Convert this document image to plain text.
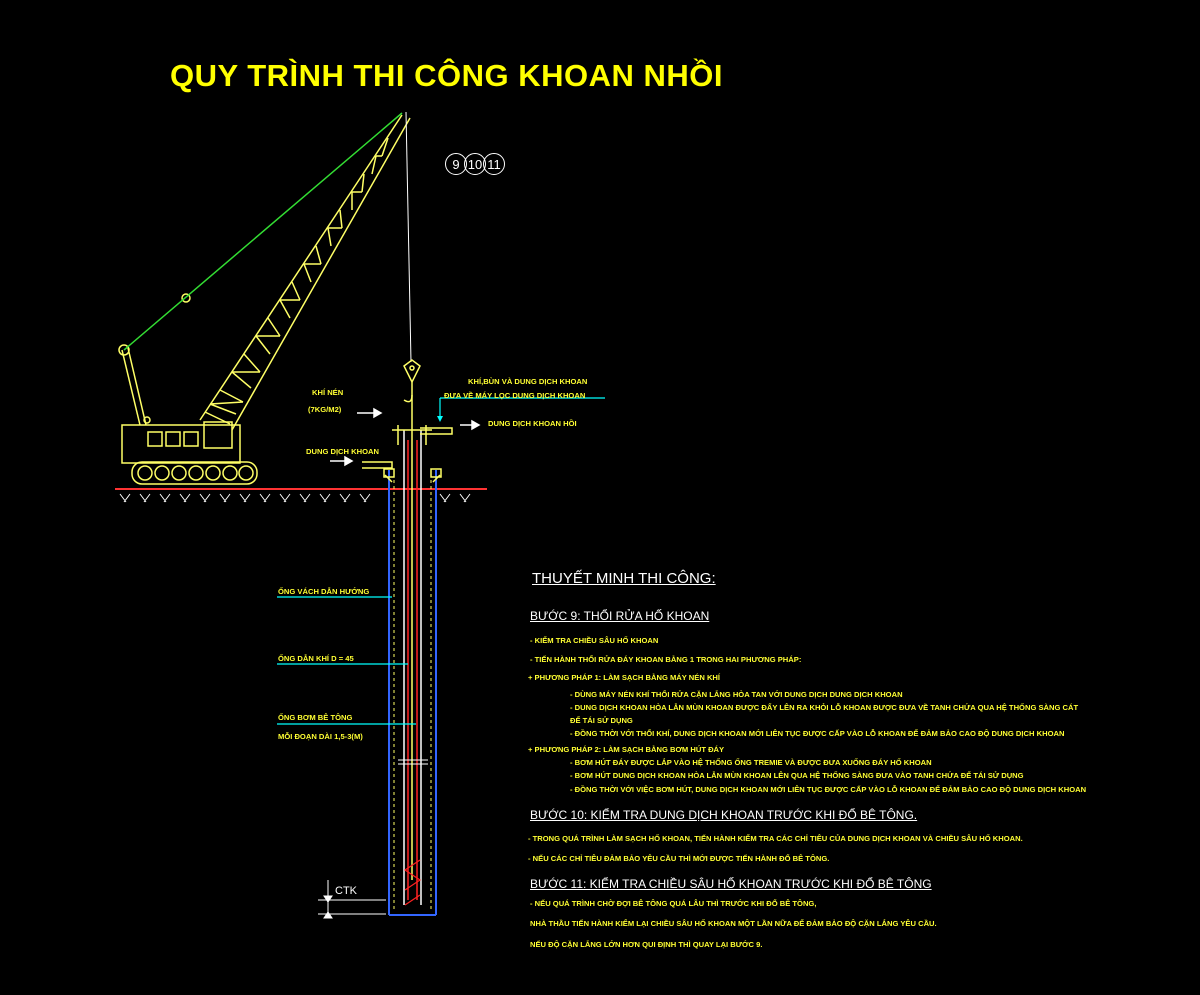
QUY TRÌNH THI CÔNG KHOAN NHỒI
9 10 11
KHÍ NÉN
(7KG/M2)
DUNG DỊCH KHOAN
KHÍ,BÙN VÀ DUNG DỊCH KHOAN
ĐƯA VỀ MÁY LỌC DUNG DỊCH KHOAN
DUNG DỊCH KHOAN HỒI
ỐNG VÁCH DẪN HƯỚNG
ỐNG DẪN KHÍ D = 45
ỐNG BƠM BÊ TÔNG
MỖI ĐOẠN DÀI 1,5-3(M)
CTK
THUYẾT MINH THI CÔNG:
BƯỚC 9: THỔI RỬA HỐ KHOAN
- KIỂM TRA CHIỀU SÂU HỐ KHOAN
- TIẾN HÀNH THỔI RỬA ĐÁY KHOAN BẰNG 1 TRONG HAI PHƯƠNG PHÁP:
+ PHƯƠNG PHÁP 1: LÀM SẠCH BẰNG MÁY NÉN KHÍ
- DÙNG MÁY NÉN KHÍ THỔI RỬA CẶN LẮNG HÒA TAN VỚI DUNG DỊCH DUNG DỊCH KHOAN
- DUNG DỊCH KHOAN HÒA LẪN MÙN KHOAN ĐƯỢC ĐẨY LÊN RA KHỎI LỖ KHOAN ĐƯỢC ĐƯA VỀ TANH CHỨA QUA HỆ THỐNG SÀNG CÁT
ĐỂ TÁI SỬ DỤNG
- ĐỒNG THỜI VỚI THỔI KHÍ, DUNG DỊCH KHOAN MỚI LIÊN TỤC ĐƯỢC CẤP VÀO LỖ KHOAN ĐỂ ĐẢM BẢO CAO ĐỘ DUNG DỊCH KHOAN
+ PHƯƠNG PHÁP 2: LÀM SẠCH BẰNG BƠM HÚT ĐÁY
- BƠM HÚT ĐÁY ĐƯỢC LẮP VÀO HỆ THỐNG ỐNG TREMIE VÀ ĐƯỢC ĐƯA XUỐNG ĐÁY HỐ KHOAN
- BƠM HÚT DUNG DỊCH KHOAN HÒA LẪN MÙN KHOAN LÊN QUA HỆ THỐNG SÀNG ĐƯA VÀO TANH CHỨA ĐỂ TÁI SỬ DỤNG
- ĐỒNG THỜI VỚI VIỆC BƠM HÚT, DUNG DỊCH KHOAN MỚI LIÊN TỤC ĐƯỢC CẤP VÀO LỖ KHOAN ĐỂ ĐẢM BẢO CAO ĐỘ DUNG DỊCH KHOAN
BƯỚC 10: KIỂM TRA DUNG DỊCH KHOAN TRƯỚC KHI ĐỔ BÊ TÔNG.
- TRONG QUÁ TRÌNH LÀM SẠCH HỐ KHOAN, TIẾN HÀNH KIỂM TRA CÁC CHỈ TIÊU CỦA DUNG DỊCH KHOAN VÀ CHIỀU SÂU HỐ KHOAN.
- NẾU CÁC CHỈ TIÊU ĐẢM BẢO YÊU CẦU THÌ MỚI ĐƯỢC TIẾN HÀNH ĐỔ BÊ TÔNG.
BƯỚC 11: KIỂM TRA CHIỀU SÂU HỐ KHOAN TRƯỚC KHI ĐỔ BÊ TÔNG
- NẾU QUÁ TRÌNH CHỜ ĐỢI BÊ TÔNG QUÁ LÂU THÌ TRƯỚC KHI ĐỔ BÊ TÔNG,
NHÀ THẦU TIẾN HÀNH KIỂM LẠI CHIỀU SÂU HỐ KHOAN MỘT LẦN NỮA ĐỂ ĐẢM BẢO ĐỘ CẶN LẮNG YÊU CẦU.
NẾU ĐỘ CẶN LẮNG LỚN HƠN QUI ĐỊNH THÌ QUAY LẠI BƯỚC 9.
